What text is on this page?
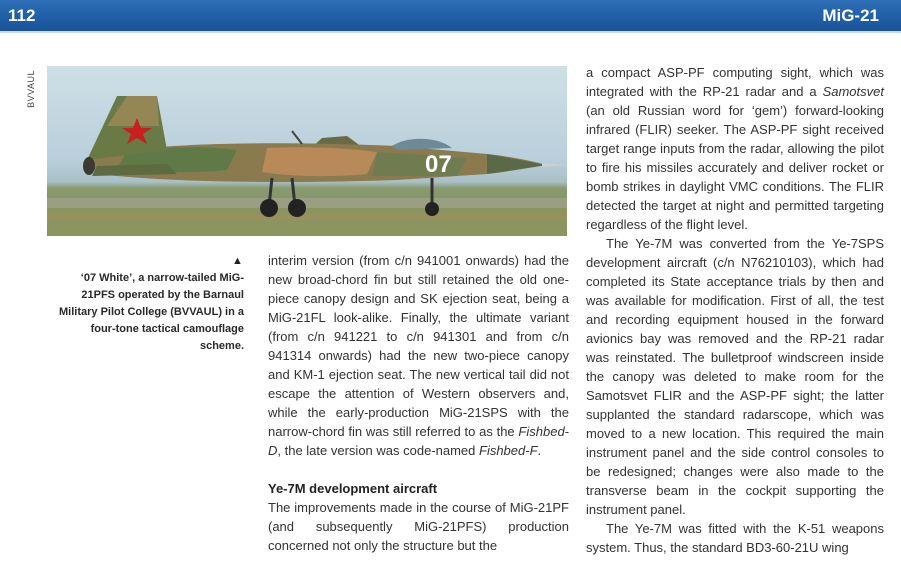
112	MiG-21
BVVAUL
07
▲
‘07 White’, a narrow-tailed MiG-21PFS operated by the Barnaul Military Pilot College (BVVAUL) in a four-tone tactical camouflage scheme.

interim version (from c/n 941001 onwards) had the new broad-chord fin but still retained the old one-piece canopy design and SK ejection seat, being a MiG-21FL look-alike. Finally, the ultimate variant (from c/n 941221 to c/n 941301 and from c/n 941314 onwards) had the new two-piece canopy and KM-1 ejection seat. The new vertical tail did not escape the attention of Western observers and, while the early-production MiG-21SPS with the narrow-chord fin was still referred to as the Fishbed-D, the late version was code-named Fishbed-F.

Ye-7M development aircraft

The improvements made in the course of MiG-21PF (and subsequently MiG-21PFS) production concerned not only the structure but the

a compact ASP-PF computing sight, which was integrated with the RP-21 radar and a Samotsvet (an old Russian word for ‘gem’) forward-looking infrared (FLIR) seeker. The ASP-PF sight received target range inputs from the radar, allowing the pilot to fire his missiles accurately and deliver rocket or bomb strikes in daylight VMC conditions. The FLIR detected the target at night and permitted targeting regardless of the flight level.

The Ye-7M was converted from the Ye-7SPS development aircraft (c/n N76210103), which had completed its State acceptance trials by then and was available for modification. First of all, the test and recording equipment housed in the forward avionics bay was removed and the RP-21 radar was reinstated. The bulletproof windscreen inside the canopy was deleted to make room for the Samotsvet FLIR and the ASP-PF sight; the latter supplanted the standard radarscope, which was moved to a new location. This required the main instrument panel and the side control consoles to be redesigned; changes were also made to the transverse beam in the cockpit supporting the instrument panel.

The Ye-7M was fitted with the K-51 weapons system. Thus, the standard BD3-60-21U wing
